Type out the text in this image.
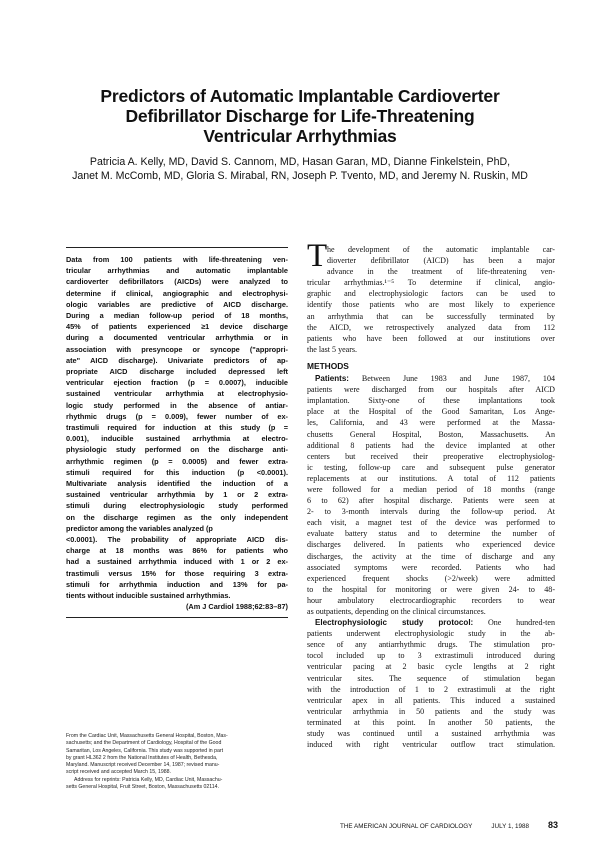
Predictors of Automatic Implantable Cardioverter
Defibrillator Discharge for Life-Threatening
Ventricular Arrhythmias
Patricia A. Kelly, MD, David S. Cannom, MD, Hasan Garan, MD, Dianne Finkelstein, PhD,
Janet M. McComb, MD, Gloria S. Mirabal, RN, Joseph P. Tvento, MD, and Jeremy N. Ruskin, MD
Data from 100 patients with life-threatening ven-
tricular arrhythmias and automatic implantable
cardioverter defibrillators (AICDs) were analyzed to
determine if clinical, angiographic and electrophysi-
ologic variables are predictive of AICD discharge.
During a median follow-up period of 18 months,
45% of patients experienced ≥1 device discharge
during a documented ventricular arrhythmia or in
association with presyncope or syncope ("appropri-
ate" AICD discharge). Univariate predictors of ap-
propriate AICD discharge included depressed left
ventricular ejection fraction (p = 0.0007), inducible
sustained ventricular arrhythmia at electrophysio-
logic study performed in the absence of antiar-
rhythmic drugs (p = 0.009), fewer number of ex-
trastimuli required for induction at this study (p =
0.001), inducible sustained arrhythmia at electro-
physiologic study performed on the discharge anti-
arrhythmic regimen (p = 0.0005) and fewer extra-
stimuli required for this induction (p <0.0001).
Multivariate analysis identified the induction of a
sustained ventricular arrhythmia by 1 or 2 extra-
stimuli during electrophysiologic study performed
on the discharge regimen as the only independent
predictor among the variables analyzed (p
<0.0001). The probability of appropriate AICD dis-
charge at 18 months was 86% for patients who
had a sustained arrhythmia induced with 1 or 2 ex-
trastimuli versus 15% for those requiring 3 extra-
stimuli for arrhythmia induction and 13% for pa-
tients without inducible sustained arrhythmias.
(Am J Cardiol 1988;62:83–87)
From the Cardiac Unit, Massachusetts General Hospital, Boston, Mas-
sachusetts; and the Department of Cardiology, Hospital of the Good
Samaritan, Los Angeles, California. This study was supported in part
by grant HL362 2 from the National Institutes of Health, Bethesda,
Maryland. Manuscript received December 14, 1987; revised manu-
script received and accepted March 15, 1988.
Address for reprints: Patricia Kelly, MD, Cardiac Unit, Massachu-
setts General Hospital, Fruit Street, Boston, Massachusetts 02114.
T he development of the automatic implantable car-
dioverter defibrillator (AICD) has been a major
advance in the treatment of life-threatening ven-
tricular arrhythmias.¹⁻⁵ To determine if clinical, angio-
graphic and electrophysiologic factors can be used to
identify those patients who are most likely to experience
an arrhythmia that can be successfully terminated by
the AICD, we retrospectively analyzed data from 112
patients who have been followed at our institutions over
the last 5 years.
METHODS
Patients: Between June 1983 and June 1987, 104
patients were discharged from our hospitals after AICD
implantation. Sixty-one of these implantations took
place at the Hospital of the Good Samaritan, Los Ange-
les, California, and 43 were performed at the Massa-
chusetts General Hospital, Boston, Massachusetts. An
additional 8 patients had the device implanted at other
centers but received their preoperative electrophysiolog-
ic testing, follow-up care and subsequent pulse generator
replacements at our institutions. A total of 112 patients
were followed for a median period of 18 months (range
6 to 62) after hospital discharge. Patients were seen at
2- to 3-month intervals during the follow-up period. At
each visit, a magnet test of the device was performed to
evaluate battery status and to determine the number of
discharges delivered. In patients who experienced device
discharges, the activity at the time of discharge and any
associated symptoms were recorded. Patients who had
experienced frequent shocks (>2/week) were admitted
to the hospital for monitoring or were given 24- to 48-
hour ambulatory electrocardiographic recorders to wear
as outpatients, depending on the clinical circumstances.
Electrophysiologic study protocol: One hundred-ten
patients underwent electrophysiologic study in the ab-
sence of any antiarrhythmic drugs. The stimulation pro-
tocol included up to 3 extrastimuli introduced during
ventricular pacing at 2 basic cycle lengths at 2 right
ventricular sites. The sequence of stimulation began
with the introduction of 1 to 2 extrastimuli at the right
ventricular apex in all patients. This induced a sustained
ventricular arrhythmia in 50 patients and the study was
terminated at this point. In another 50 patients, the
study was continued until a sustained arrhythmia was
induced with right ventricular outflow tract stimulation.
THE AMERICAN JOURNAL OF CARDIOLOGY	JULY 1, 1988 83
